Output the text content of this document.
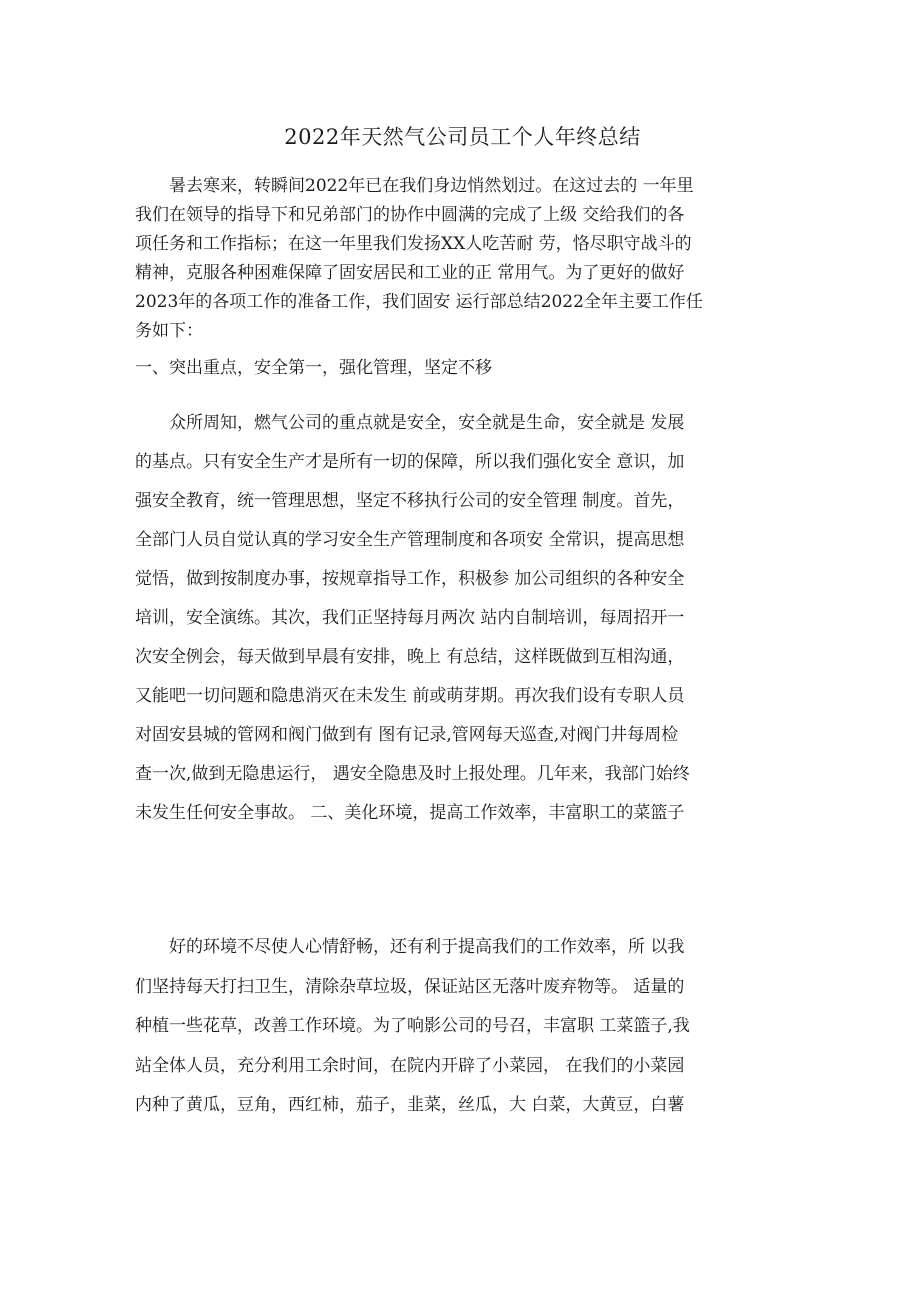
2022年天然气公司员工个人年终总结
暑去寒来，转瞬间2022年已在我们身边悄然划过。在这过去的 一年里
我们在领导的指导下和兄弟部门的协作中圆满的完成了上级 交给我们的各
项任务和工作指标；在这一年里我们发扬XX人吃苦耐 劳，恪尽职守战斗的
精神，克服各种困难保障了固安居民和工业的正 常用气。为了更好的做好
2023年的各项工作的准备工作，我们固安 运行部总结2022全年主要工作任
务如下：
一、突出重点，安全第一，强化管理，坚定不移
众所周知，燃气公司的重点就是安全，安全就是生命，安全就是 发展
的基点。只有安全生产才是所有一切的保障，所以我们强化安全 意识，加
强安全教育，统一管理思想，坚定不移执行公司的安全管理 制度。首先，
全部门人员自觉认真的学习安全生产管理制度和各项安 全常识，提高思想
觉悟，做到按制度办事，按规章指导工作，积极参 加公司组织的各种安全
培训，安全演练。其次，我们正坚持每月两次 站内自制培训，每周招开一
次安全例会，每天做到早晨有安排，晚上 有总结，这样既做到互相沟通，
又能吧一切问题和隐患消灭在未发生 前或萌芽期。再次我们设有专职人员
对固安县城的管网和阀门做到有 图有记录,管网每天巡查,对阀门井每周检
查一次,做到无隐患运行， 遇安全隐患及时上报处理。几年来，我部门始终
未发生任何安全事故。 二、美化环境，提高工作效率，丰富职工的菜篮子
好的环境不尽使人心情舒畅，还有利于提高我们的工作效率，所 以我
们坚持每天打扫卫生，清除杂草垃圾，保证站区无落叶废弃物等。 适量的
种植一些花草，改善工作环境。为了响影公司的号召，丰富职 工菜篮子,我
站全体人员，充分利用工余时间，在院内开辟了小菜园， 在我们的小菜园
内种了黄瓜，豆角，西红柿，茄子，韭菜，丝瓜，大 白菜，大黄豆，白薯
